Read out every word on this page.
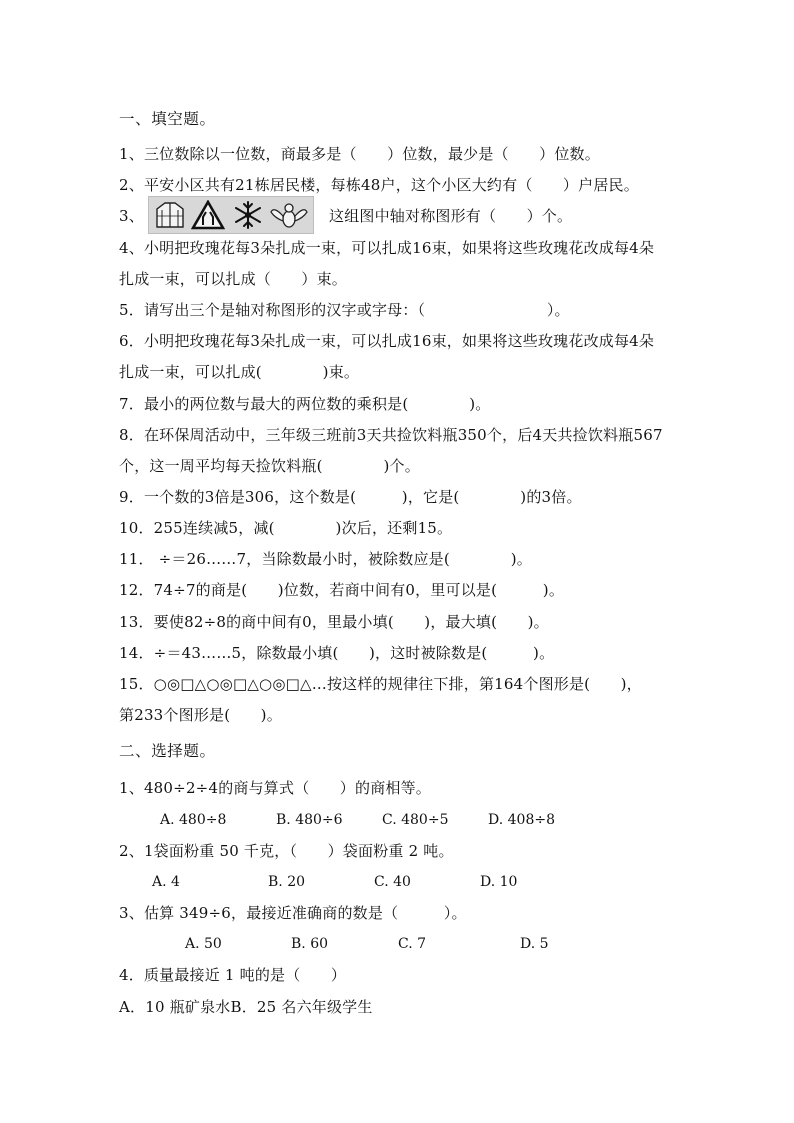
一、填空题。
1、三位数除以一位数，商最多是（　　）位数，最少是（　　）位数。
2、平安小区共有21栋居民楼，每栋48户，这个小区大约有（　　）户居民。
3、	这组图中轴对称图形有（　　）个。
4、小明把玫瑰花每3朵扎成一束，可以扎成16束，如果将这些玫瑰花改成每4朵
扎成一束，可以扎成（　　）束。
5．请写出三个是轴对称图形的汉字或字母：（　　　　　　　　）。
6．小明把玫瑰花每3朵扎成一束，可以扎成16束，如果将这些玫瑰花改成每4朵
扎成一束，可以扎成(　　　　)束。
7．最小的两位数与最大的两位数的乘积是(　　　　)。
8．在环保周活动中，三年级三班前3天共捡饮料瓶350个，后4天共捡饮料瓶567
个，这一周平均每天捡饮料瓶(　　　　)个。
9．一个数的3倍是306，这个数是(　　　)，它是(　　　　)的3倍。
10．255连续减5，减(　　　　)次后，还剩15。
11． ÷＝26……7，当除数最小时，被除数应是(　　　　)。
12．74÷7的商是(　　)位数，若商中间有0，里可以是(　　　)。
13．要使82÷8的商中间有0，里最小填(　　)，最大填(　　)。
14．÷＝43……5，除数最小填(　　)，这时被除数是(　　　)。
15．○◎□△○◎□△○◎□△…按这样的规律往下排，第164个图形是(　　)，
第233个图形是(　　)。
二、选择题。
1、480÷2÷4的商与算式（　　）的商相等。
A. 480÷8	B. 480÷6	C. 480÷5	D. 408÷8
2、1袋面粉重 50 千克，（　　）袋面粉重 2 吨。
A. 4	B. 20	C. 40	D. 10
3、估算 349÷6，最接近准确商的数是（　　　）。
A. 50	B. 60	C. 7	D. 5
4．质量最接近 1 吨的是（　　）
A．10 瓶矿泉水B．25 名六年级学生
